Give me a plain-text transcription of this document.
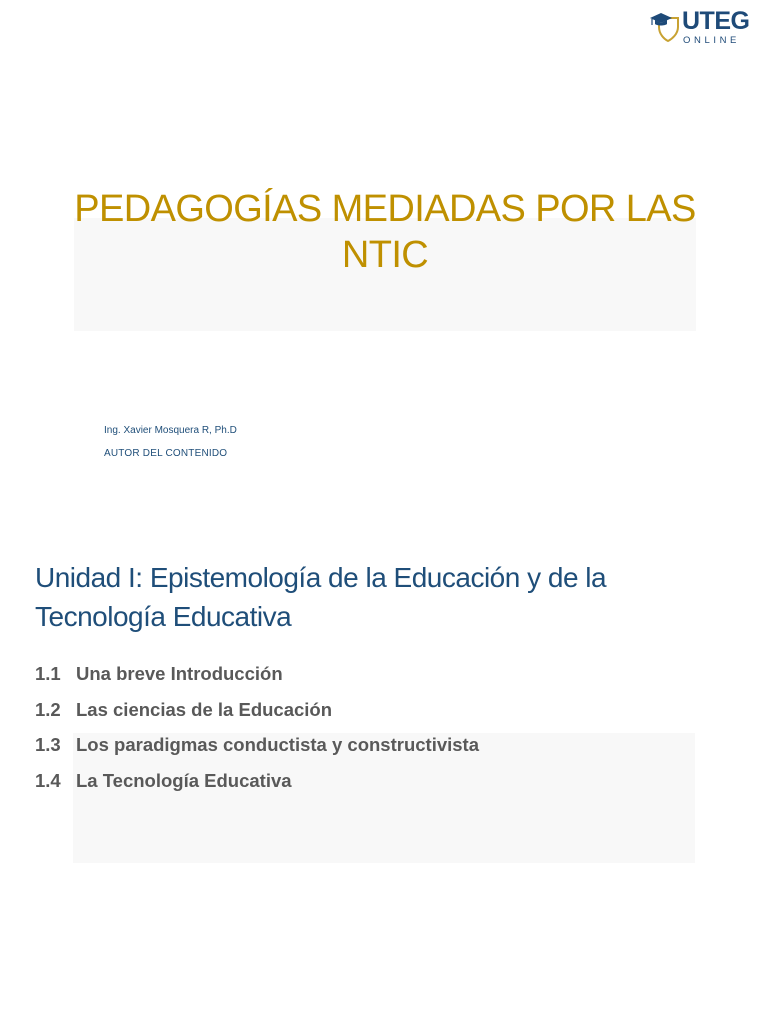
UTEG
ONLINE
PEDAGOGÍAS MEDIADAS POR LAS
NTIC
Ing. Xavier Mosquera R, Ph.D
AUTOR DEL CONTENIDO
Unidad I: Epistemología de la Educación y de la
Tecnología Educativa
1.1 Una breve Introducción
1.2 Las ciencias de la Educación
1.3 Los paradigmas conductista y constructivista
1.4 La Tecnología Educativa
